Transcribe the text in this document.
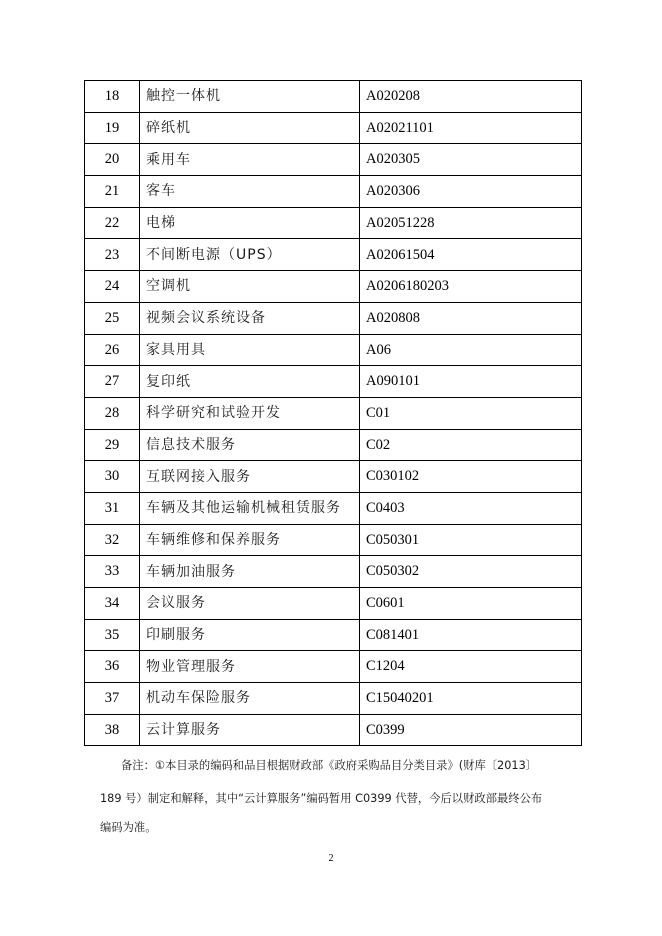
18	触控一体机	A020208
19	碎纸机	A02021101
20	乘用车	A020305
21	客车	A020306
22	电梯	A02051228
23	不间断电源（UPS）	A02061504
24	空调机	A0206180203
25	视频会议系统设备	A020808
26	家具用具	A06
27	复印纸	A090101
28	科学研究和试验开发	C01
29	信息技术服务	C02
30	互联网接入服务	C030102
31	车辆及其他运输机械租赁服务	C0403
32	车辆维修和保养服务	C050301
33	车辆加油服务	C050302
34	会议服务	C0601
35	印刷服务	C081401
36	物业管理服务	C1204
37	机动车保险服务	C15040201
38	云计算服务	C0399
备注：①本目录的编码和品目根据财政部《政府采购品目分类目录》(财库〔2013〕
189 号）制定和解释，其中“云计算服务”编码暂用 C0399 代替，今后以财政部最终公布
编码为准。
2
